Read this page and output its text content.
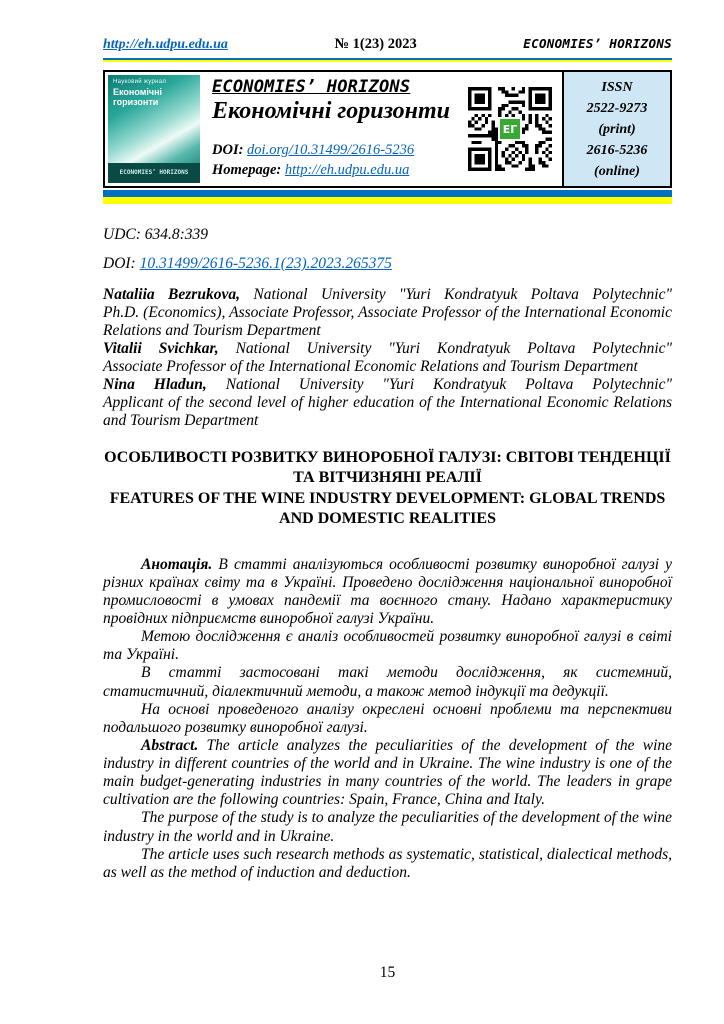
http://eh.udpu.edu.ua	№ 1(23) 2023	ECONOMIES’ HORIZONS
Науковий журнал
Економічні горизонти
ECONOMIES’ HORIZONS
ECONOMIES’ HORIZONS
Економічні горизонти

DOI: doi.org/10.31499/2616-5236

Homepage: http://eh.udpu.edu.ua

ЕГ
ISSN
2522-9273
(print)
2616-5236
(online)

UDC: 634.8:339

DOI: 10.31499/2616-5236.1(23).2023.265375

Nataliia Bezrukova, National University "Yuri Kondratyuk Poltava Polytechnic"

Ph.D. (Economics), Associate Professor, Associate Professor of the International Economic Relations and Tourism Department

Vitalii Svichkar, National University "Yuri Kondratyuk Poltava Polytechnic"

Associate Professor of the International Economic Relations and Tourism Department

Nina Hladun, National University "Yuri Kondratyuk Poltava Polytechnic"

Applicant of the second level of higher education of the International Economic Relations and Tourism Department

ОСОБЛИВОСТІ РОЗВИТКУ ВИНОРОБНОЇ ГАЛУЗІ: СВІТОВІ ТЕНДЕНЦІЇ ТА ВІТЧИЗНЯНІ РЕАЛІЇ
FEATURES OF THE WINE INDUSTRY DEVELOPMENT: GLOBAL TRENDS AND DOMESTIC REALITIES

Анотація. В статті аналізуються особливості розвитку виноробної галузі у різних країнах світу та в Україні. Проведено дослідження національної виноробної промисловості в умовах пандемії та воєнного стану. Надано характеристику провідних підприємств виноробної галузі України.

Метою дослідження є аналіз особливостей розвитку виноробної галузі в світі та Україні.

В статті застосовані такі методи дослідження, як системний, статистичний, діалектичний методи, а також метод індукції та дедукції.

На основі проведеного аналізу окреслені основні проблеми та перспективи подальшого розвитку виноробної галузі.

Abstract. The article analyzes the peculiarities of the development of the wine industry in different countries of the world and in Ukraine. The wine industry is one of the main budget-generating industries in many countries of the world. The leaders in grape cultivation are the following countries: Spain, France, China and Italy.

The purpose of the study is to analyze the peculiarities of the development of the wine industry in the world and in Ukraine.

The article uses such research methods as systematic, statistical, dialectical methods, as well as the method of induction and deduction.

15
